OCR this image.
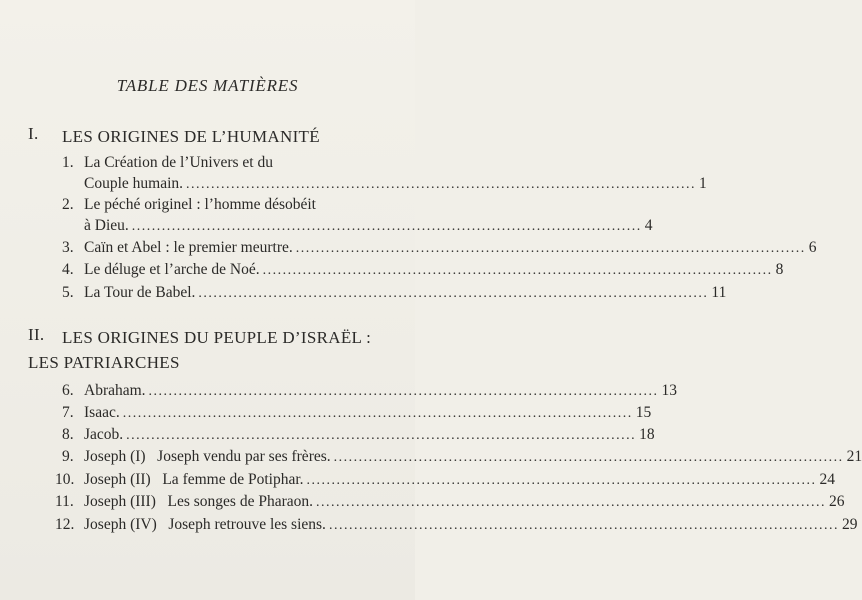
TABLE DES MATIÈRES
I. LES ORIGINES DE L’HUMANITÉ
1. La Création de l’Univers et du
Couple humain. ...................................................................................................... 1
2. Le péché originel : l’homme désobéit
à Dieu. ...................................................................................................... 4
3. Caïn et Abel : le premier meurtre. ...................................................................................................... 6
4. Le déluge et l’arche de Noé. ...................................................................................................... 8
5. La Tour de Babel. ...................................................................................................... 11
II. LES ORIGINES DU PEUPLE D’ISRAËL :
LES PATRIARCHES
6. Abraham. ...................................................................................................... 13
7. Isaac. ...................................................................................................... 15
8. Jacob. ...................................................................................................... 18
9. Joseph (I)   Joseph vendu par ses frères. ...................................................................................................... 21
10. Joseph (II)   La femme de Potiphar. ...................................................................................................... 24
11. Joseph (III)   Les songes de Pharaon. ...................................................................................................... 26
12. Joseph (IV)   Joseph retrouve les siens. ...................................................................................................... 29
